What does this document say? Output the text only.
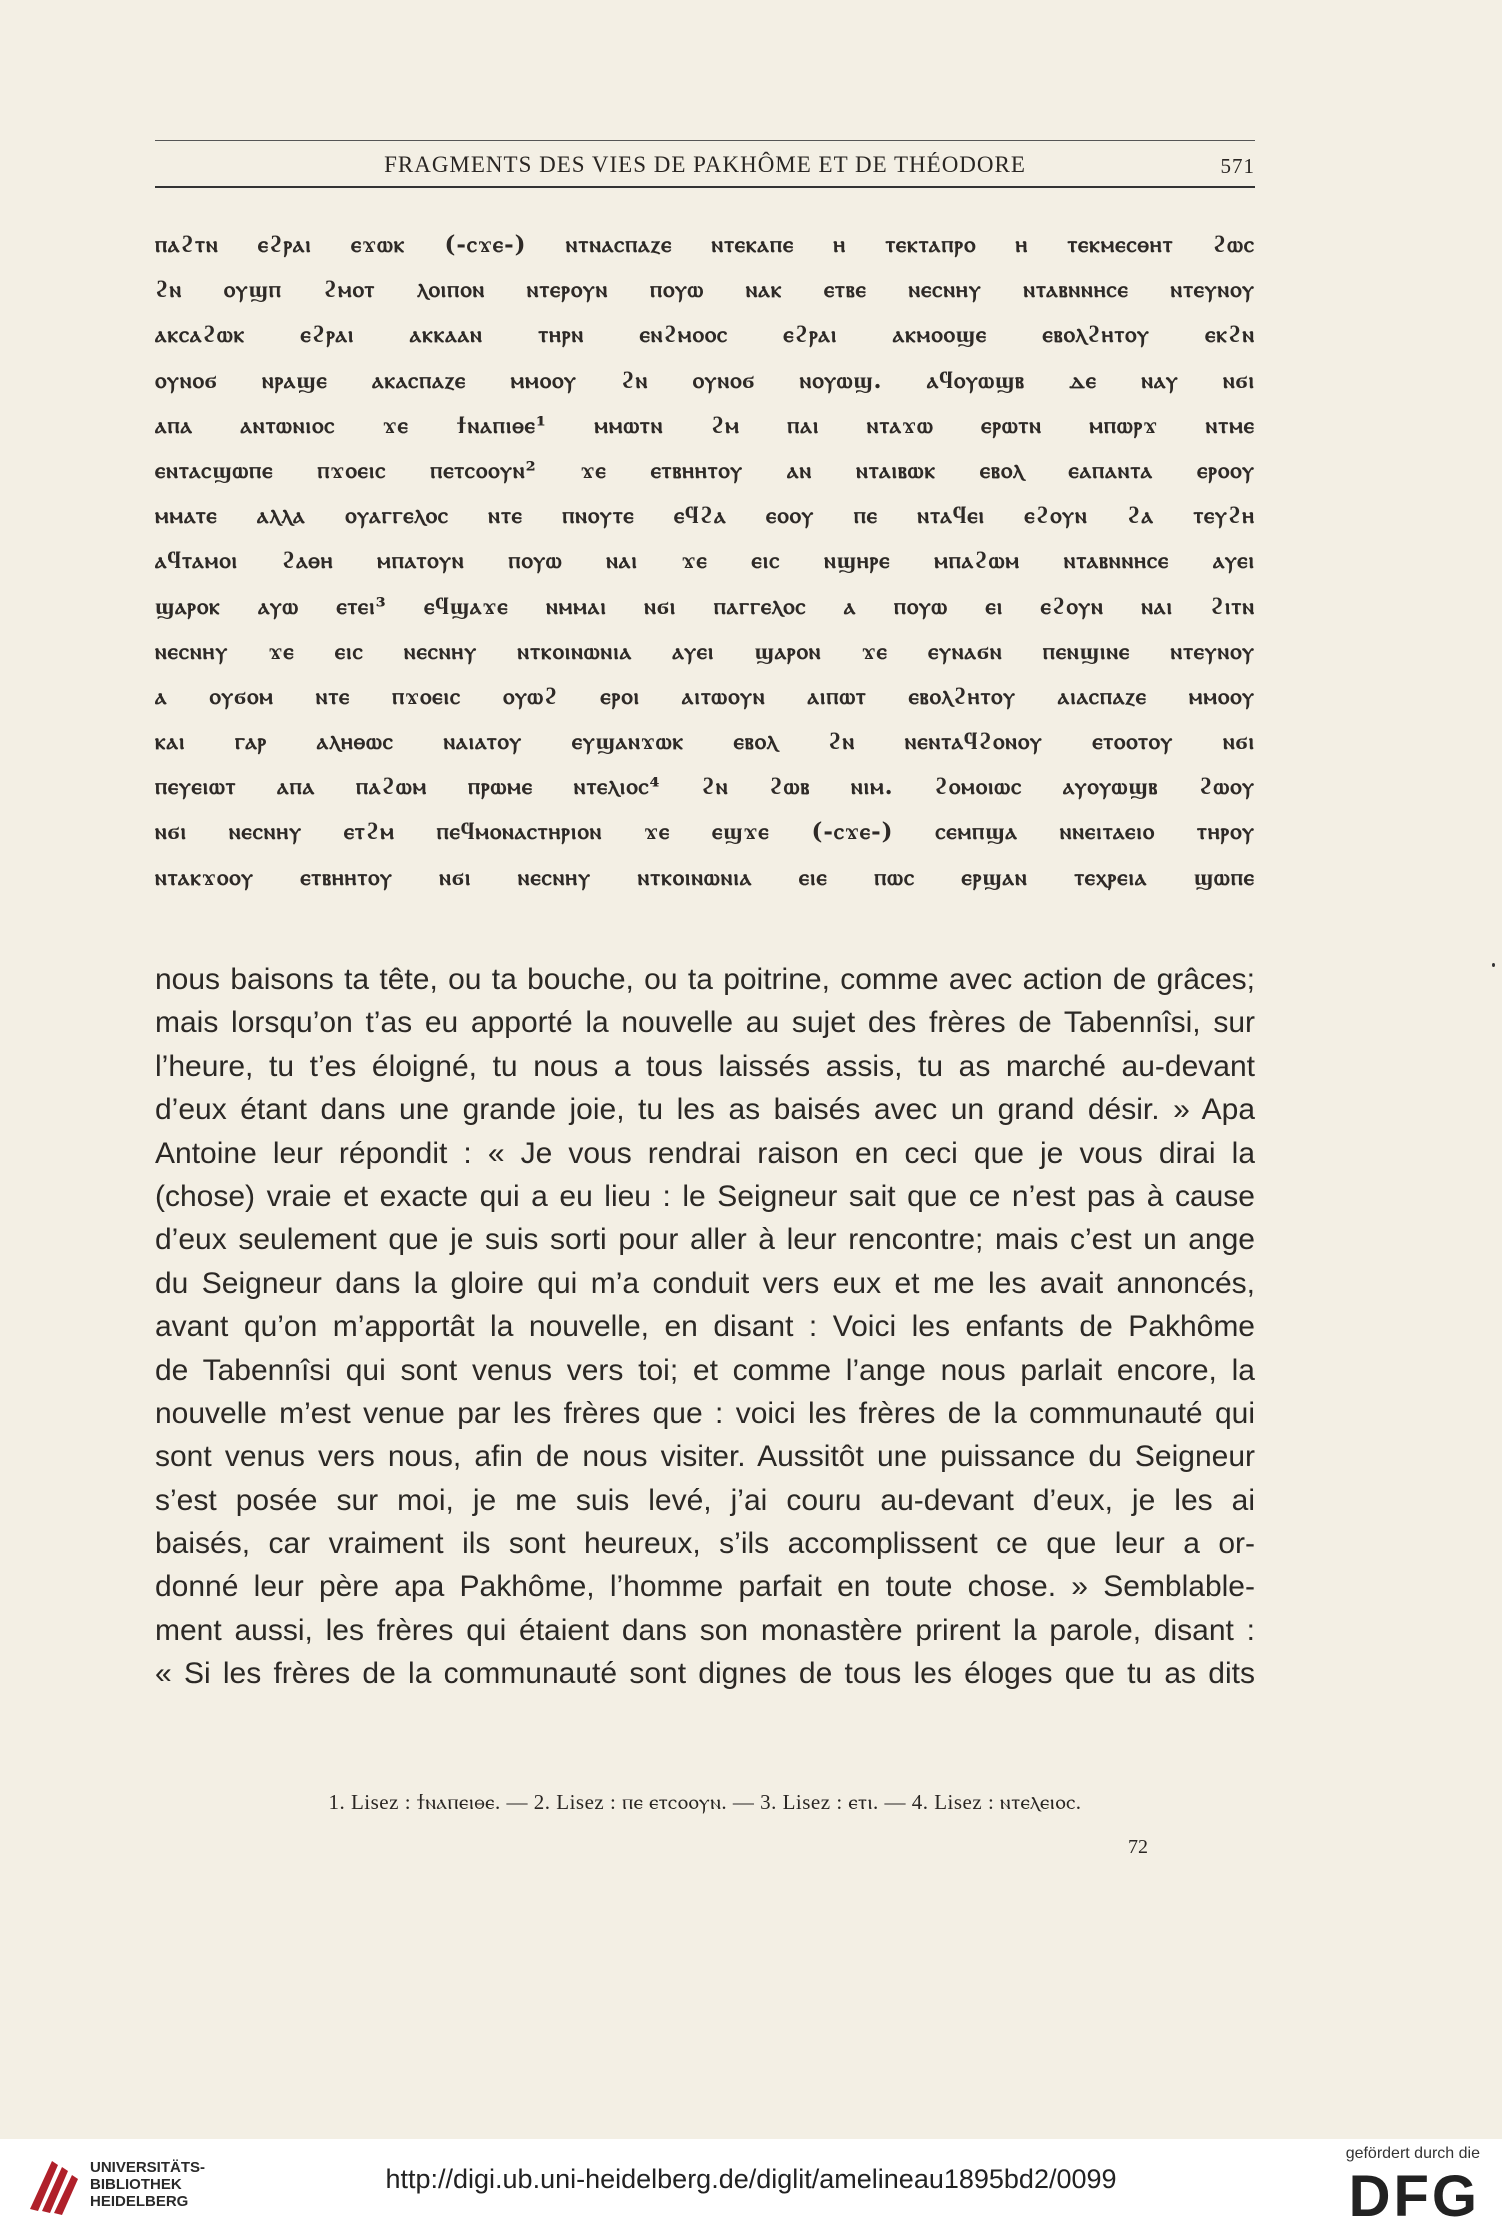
FRAGMENTS DES VIES DE PAKHÔME ET DE THÉODORE	571
ⲡⲁϩⲧⲛ ⲉϩⲣⲁⲓ ⲉϫⲱⲕ (-ⲥϫⲉ-) ⲛⲧⲛⲁⲥⲡⲁⲍⲉ ⲛⲧⲉⲕⲁⲡⲉ ⲏ ⲧⲉⲕⲧⲁⲡⲣⲟ ⲏ ⲧⲉⲕⲙⲉⲥⲑⲏⲧ ϩⲱⲥ
ϩⲛ ⲟⲩϣⲡ ϩⲙⲟⲧ ⲗⲟⲓⲡⲟⲛ ⲛⲧⲉⲣⲟⲩⲛ ⲡⲟⲩⲱ ⲛⲁⲕ ⲉⲧⲃⲉ ⲛⲉⲥⲛⲏⲩ ⲛⲧⲁⲃⲛⲛⲏⲥⲉ ⲛⲧⲉⲩⲛⲟⲩ
ⲁⲕⲥⲁϩⲱⲕ ⲉϩⲣⲁⲓ ⲁⲕⲕⲁⲁⲛ ⲧⲏⲣⲛ ⲉⲛϩⲙⲟⲟⲥ ⲉϩⲣⲁⲓ ⲁⲕⲙⲟⲟϣⲉ ⲉⲃⲟⲗϩⲏⲧⲟⲩ ⲉⲕϩⲛ
ⲟⲩⲛⲟϭ ⲛⲣⲁϣⲉ ⲁⲕⲁⲥⲡⲁⲍⲉ ⲙⲙⲟⲟⲩ ϩⲛ ⲟⲩⲛⲟϭ ⲛⲟⲩⲱϣ. ⲁϥⲟⲩⲱϣⲃ ⲇⲉ ⲛⲁⲩ ⲛϭⲓ
ⲁⲡⲁ ⲁⲛⲧⲱⲛⲓⲟⲥ ϫⲉ ϯⲛⲁⲡⲓⲑⲉ¹ ⲙⲙⲱⲧⲛ ϩⲙ ⲡⲁⲓ ⲛⲧⲁϫⲱ ⲉⲣⲱⲧⲛ ⲙⲡⲱⲣϫ ⲛⲧⲙⲉ
ⲉⲛⲧⲁⲥϣⲱⲡⲉ ⲡϫⲟⲉⲓⲥ ⲡⲉⲧⲥⲟⲟⲩⲛ² ϫⲉ ⲉⲧⲃⲏⲏⲧⲟⲩ ⲁⲛ ⲛⲧⲁⲓⲃⲱⲕ ⲉⲃⲟⲗ ⲉⲁⲡⲁⲛⲧⲁ ⲉⲣⲟⲟⲩ
ⲙⲙⲁⲧⲉ ⲁⲗⲗⲁ ⲟⲩⲁⲅⲅⲉⲗⲟⲥ ⲛⲧⲉ ⲡⲛⲟⲩⲧⲉ ⲉϥϩⲁ ⲉⲟⲟⲩ ⲡⲉ ⲛⲧⲁϥⲉⲓ ⲉϩⲟⲩⲛ ϩⲁ ⲧⲉⲩϩⲏ
ⲁϥⲧⲁⲙⲟⲓ ϩⲁⲑⲏ ⲙⲡⲁⲧⲟⲩⲛ ⲡⲟⲩⲱ ⲛⲁⲓ ϫⲉ ⲉⲓⲥ ⲛϣⲏⲣⲉ ⲙⲡⲁϩⲱⲙ ⲛⲧⲁⲃⲛⲛⲏⲥⲉ ⲁⲩⲉⲓ
ϣⲁⲣⲟⲕ ⲁⲩⲱ ⲉⲧⲉⲓ³ ⲉϥϣⲁϫⲉ ⲛⲙⲙⲁⲓ ⲛϭⲓ ⲡⲁⲅⲅⲉⲗⲟⲥ ⲁ ⲡⲟⲩⲱ ⲉⲓ ⲉϩⲟⲩⲛ ⲛⲁⲓ ϩⲓⲧⲛ
ⲛⲉⲥⲛⲏⲩ ϫⲉ ⲉⲓⲥ ⲛⲉⲥⲛⲏⲩ ⲛⲧⲕⲟⲓⲛⲱⲛⲓⲁ ⲁⲩⲉⲓ ϣⲁⲣⲟⲛ ϫⲉ ⲉⲩⲛⲁϭⲛ ⲡⲉⲛϣⲓⲛⲉ ⲛⲧⲉⲩⲛⲟⲩ
ⲁ ⲟⲩϭⲟⲙ ⲛⲧⲉ ⲡϫⲟⲉⲓⲥ ⲟⲩⲱϩ ⲉⲣⲟⲓ ⲁⲓⲧⲱⲟⲩⲛ ⲁⲓⲡⲱⲧ ⲉⲃⲟⲗϩⲏⲧⲟⲩ ⲁⲓⲁⲥⲡⲁⲍⲉ ⲙⲙⲟⲟⲩ
ⲕⲁⲓ ⲅⲁⲣ ⲁⲗⲏⲑⲱⲥ ⲛⲁⲓⲁⲧⲟⲩ ⲉⲩϣⲁⲛϫⲱⲕ ⲉⲃⲟⲗ ϩⲛ ⲛⲉⲛⲧⲁϥϩⲟⲛⲟⲩ ⲉⲧⲟⲟⲧⲟⲩ ⲛϭⲓ
ⲡⲉⲩⲉⲓⲱⲧ ⲁⲡⲁ ⲡⲁϩⲱⲙ ⲡⲣⲱⲙⲉ ⲛⲧⲉⲗⲓⲟⲥ⁴ ϩⲛ ϩⲱⲃ ⲛⲓⲙ. ϩⲟⲙⲟⲓⲱⲥ ⲁⲩⲟⲩⲱϣⲃ ϩⲱⲟⲩ
ⲛϭⲓ ⲛⲉⲥⲛⲏⲩ ⲉⲧϩⲙ ⲡⲉϥⲙⲟⲛⲁⲥⲧⲏⲣⲓⲟⲛ ϫⲉ ⲉϣϫⲉ (-ⲥϫⲉ-) ⲥⲉⲙⲡϣⲁ ⲛⲛⲉⲓⲧⲁⲉⲓⲟ ⲧⲏⲣⲟⲩ
ⲛⲧⲁⲕϫⲟⲟⲩ ⲉⲧⲃⲏⲏⲧⲟⲩ ⲛϭⲓ ⲛⲉⲥⲛⲏⲩ ⲛⲧⲕⲟⲓⲛⲱⲛⲓⲁ ⲉⲓⲉ ⲡⲱⲥ ⲉⲣϣⲁⲛ ⲧⲉⲭⲣⲉⲓⲁ ϣⲱⲡⲉ
nous baisons ta tête, ou ta bouche, ou ta poitrine, comme avec action de grâces;
mais lorsqu’on t’as eu apporté la nouvelle au sujet des frères de Tabennîsi, sur
l’heure, tu t’es éloigné, tu nous a tous laissés assis, tu as marché au-devant
d’eux étant dans une grande joie, tu les as baisés avec un grand désir. » Apa
Antoine leur répondit : « Je vous rendrai raison en ceci que je vous dirai la
(chose) vraie et exacte qui a eu lieu : le Seigneur sait que ce n’est pas à cause
d’eux seulement que je suis sorti pour aller à leur rencontre; mais c’est un ange
du Seigneur dans la gloire qui m’a conduit vers eux et me les avait annoncés,
avant qu’on m’apportât la nouvelle, en disant : Voici les enfants de Pakhôme
de Tabennîsi qui sont venus vers toi; et comme l’ange nous parlait encore, la
nouvelle m’est venue par les frères que : voici les frères de la communauté qui
sont venus vers nous, afin de nous visiter. Aussitôt une puissance du Seigneur
s’est posée sur moi, je me suis levé, j’ai couru au-devant d’eux, je les ai
baisés, car vraiment ils sont heureux, s’ils accomplissent ce que leur a or-
donné leur père apa Pakhôme, l’homme parfait en toute chose. » Semblable-
ment aussi, les frères qui étaient dans son monastère prirent la parole, disant :
« Si les frères de la communauté sont dignes de tous les éloges que tu as dits
1. Lisez : ϯⲛⲁⲡⲉⲓⲑⲉ. — 2. Lisez : ⲡⲉ ⲉⲧⲥⲟⲟⲩⲛ. — 3. Lisez : ⲉⲧⲓ. — 4. Lisez : ⲛⲧⲉⲗⲉⲓⲟⲥ.
72
UNIVERSITÄTS-
BIBLIOTHEK
HEIDELBERG
http://digi.ub.uni-heidelberg.de/diglit/amelineau1895bd2/0099
gefördert durch die
DFG
